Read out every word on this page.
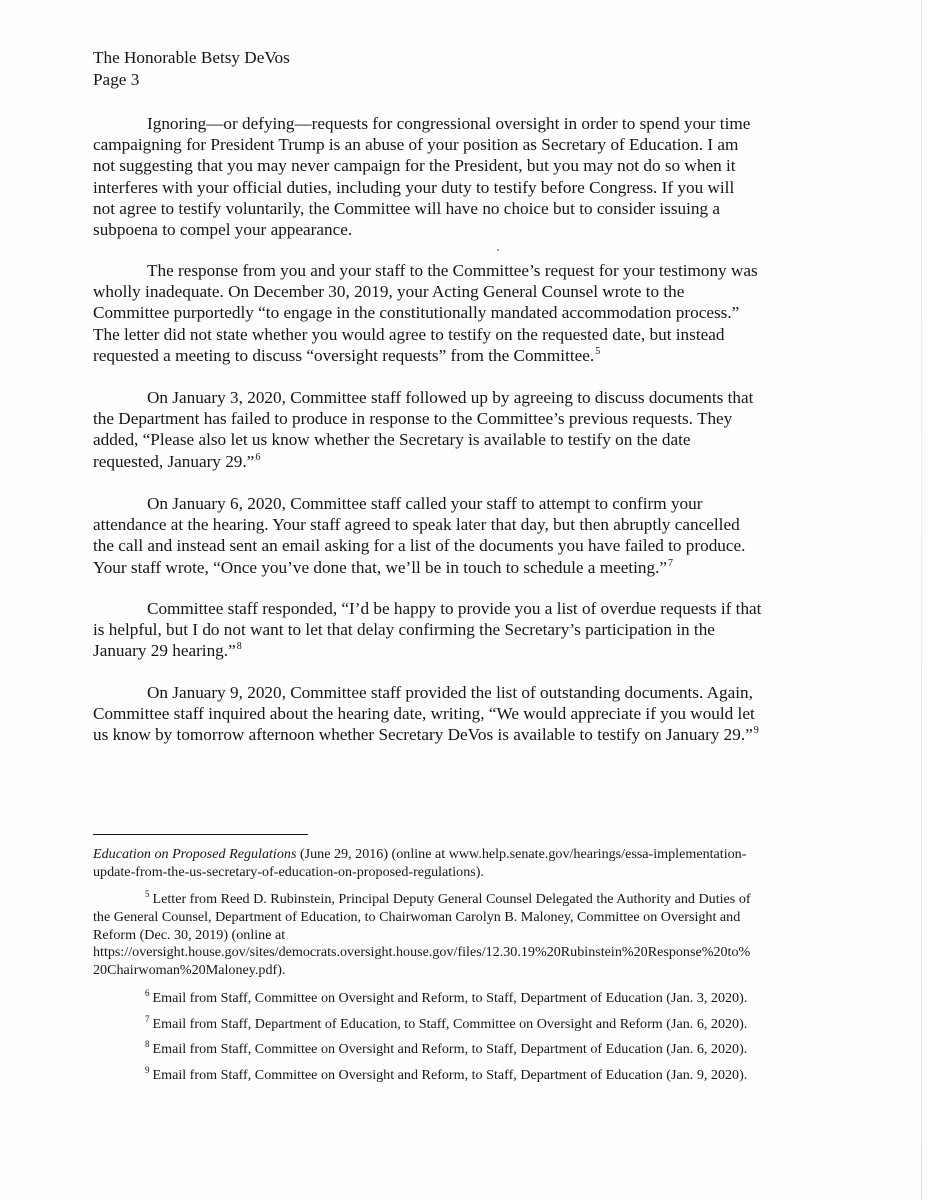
The Honorable Betsy DeVos
Page 3
Ignoring—or defying—requests for congressional oversight in order to spend your time
campaigning for President Trump is an abuse of your position as Secretary of Education. I am
not suggesting that you may never campaign for the President, but you may not do so when it
interferes with your official duties, including your duty to testify before Congress. If you will
not agree to testify voluntarily, the Committee will have no choice but to consider issuing a
subpoena to compel your appearance.
The response from you and your staff to the Committee’s request for your testimony was
wholly inadequate. On December 30, 2019, your Acting General Counsel wrote to the
Committee purportedly “to engage in the constitutionally mandated accommodation process.”
The letter did not state whether you would agree to testify on the requested date, but instead
requested a meeting to discuss “oversight requests” from the Committee.$^5$
On January 3, 2020, Committee staff followed up by agreeing to discuss documents that
the Department has failed to produce in response to the Committee’s previous requests. They
added, “Please also let us know whether the Secretary is available to testify on the date
requested, January 29.”$^6$
On January 6, 2020, Committee staff called your staff to attempt to confirm your
attendance at the hearing. Your staff agreed to speak later that day, but then abruptly cancelled
the call and instead sent an email asking for a list of the documents you have failed to produce.
Your staff wrote, “Once you’ve done that, we’ll be in touch to schedule a meeting.”$^7$
Committee staff responded, “I’d be happy to provide you a list of overdue requests if that
is helpful, but I do not want to let that delay confirming the Secretary’s participation in the
January 29 hearing.”$^8$
On January 9, 2020, Committee staff provided the list of outstanding documents. Again,
Committee staff inquired about the hearing date, writing, “We would appreciate if you would let
us know by tomorrow afternoon whether Secretary DeVos is available to testify on January 29.”$^9$
Education on Proposed Regulations (June 29, 2016) (online at www.help.senate.gov/hearings/essa-implementation-
update-from-the-us-secretary-of-education-on-proposed-regulations).
$^5$ Letter from Reed D. Rubinstein, Principal Deputy General Counsel Delegated the Authority and Duties of
the General Counsel, Department of Education, to Chairwoman Carolyn B. Maloney, Committee on Oversight and
Reform (Dec. 30, 2019) (online at
https://oversight.house.gov/sites/democrats.oversight.house.gov/files/12.30.19%20Rubinstein%20Response%20to%
20Chairwoman%20Maloney.pdf).
$^6$ Email from Staff, Committee on Oversight and Reform, to Staff, Department of Education (Jan. 3, 2020).
$^7$ Email from Staff, Department of Education, to Staff, Committee on Oversight and Reform (Jan. 6, 2020).
$^8$ Email from Staff, Committee on Oversight and Reform, to Staff, Department of Education (Jan. 6, 2020).
$^9$ Email from Staff, Committee on Oversight and Reform, to Staff, Department of Education (Jan. 9, 2020).
